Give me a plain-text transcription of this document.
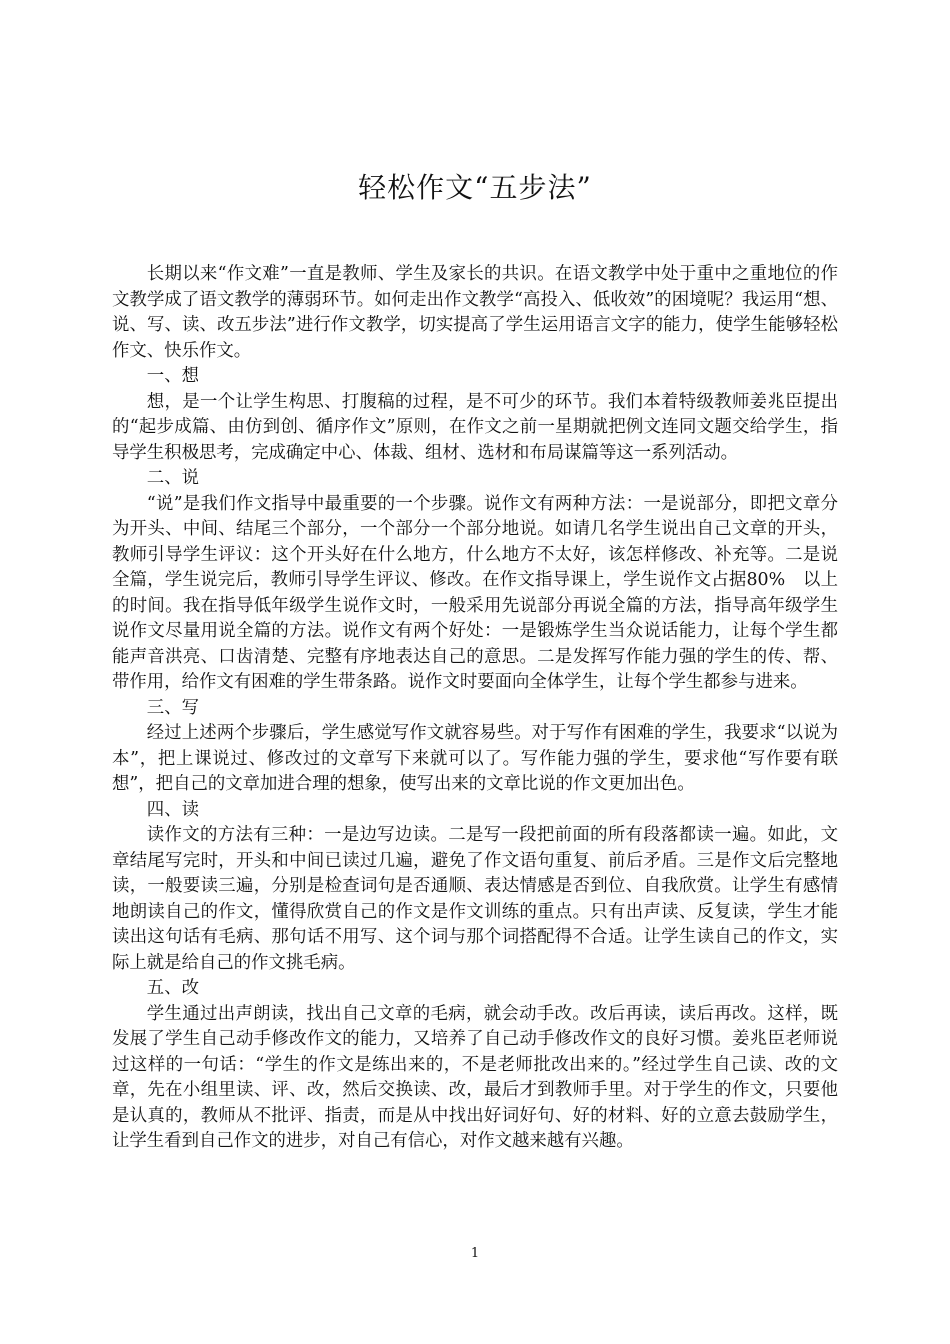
轻松作文“五步法”

长期以来“作文难”一直是教师、学生及家长的共识。在语文教学中处于重中之重地位的作文教学成了语文教学的薄弱环节。如何走出作文教学“高投入、低收效”的困境呢？我运用“想、说、写、读、改五步法”进行作文教学，切实提高了学生运用语言文字的能力，使学生能够轻松作文、快乐作文。

一、想

想，是一个让学生构思、打腹稿的过程，是不可少的环节。我们本着特级教师姜兆臣提出的“起步成篇、由仿到创、循序作文”原则，在作文之前一星期就把例文连同文题交给学生，指导学生积极思考，完成确定中心、体裁、组材、选材和布局谋篇等这一系列活动。

二、说

“说”是我们作文指导中最重要的一个步骤。说作文有两种方法：一是说部分，即把文章分为开头、中间、结尾三个部分，一个部分一个部分地说。如请几名学生说出自己文章的开头，教师引导学生评议：这个开头好在什么地方，什么地方不太好，该怎样修改、补充等。二是说全篇，学生说完后，教师引导学生评议、修改。在作文指导课上，学生说作文占据80%　以上的时间。我在指导低年级学生说作文时，一般采用先说部分再说全篇的方法，指导高年级学生说作文尽量用说全篇的方法。说作文有两个好处：一是锻炼学生当众说话能力，让每个学生都能声音洪亮、口齿清楚、完整有序地表达自己的意思。二是发挥写作能力强的学生的传、帮、带作用，给作文有困难的学生带条路。说作文时要面向全体学生，让每个学生都参与进来。

三、写

经过上述两个步骤后，学生感觉写作文就容易些。对于写作有困难的学生，我要求“以说为本”，把上课说过、修改过的文章写下来就可以了。写作能力强的学生，要求他“写作要有联想”，把自己的文章加进合理的想象，使写出来的文章比说的作文更加出色。

四、读

读作文的方法有三种：一是边写边读。二是写一段把前面的所有段落都读一遍。如此，文章结尾写完时，开头和中间已读过几遍，避免了作文语句重复、前后矛盾。三是作文后完整地读，一般要读三遍，分别是检查词句是否通顺、表达情感是否到位、自我欣赏。让学生有感情地朗读自己的作文，懂得欣赏自己的作文是作文训练的重点。只有出声读、反复读，学生才能读出这句话有毛病、那句话不用写、这个词与那个词搭配得不合适。让学生读自己的作文，实际上就是给自己的作文挑毛病。

五、改

学生通过出声朗读，找出自己文章的毛病，就会动手改。改后再读，读后再改。这样，既发展了学生自己动手修改作文的能力，又培养了自己动手修改作文的良好习惯。姜兆臣老师说过这样的一句话：“学生的作文是练出来的，不是老师批改出来的。”经过学生自己读、改的文章，先在小组里读、评、改，然后交换读、改，最后才到教师手里。对于学生的作文，只要他是认真的，教师从不批评、指责，而是从中找出好词好句、好的材料、好的立意去鼓励学生，让学生看到自己作文的进步，对自己有信心，对作文越来越有兴趣。

1
